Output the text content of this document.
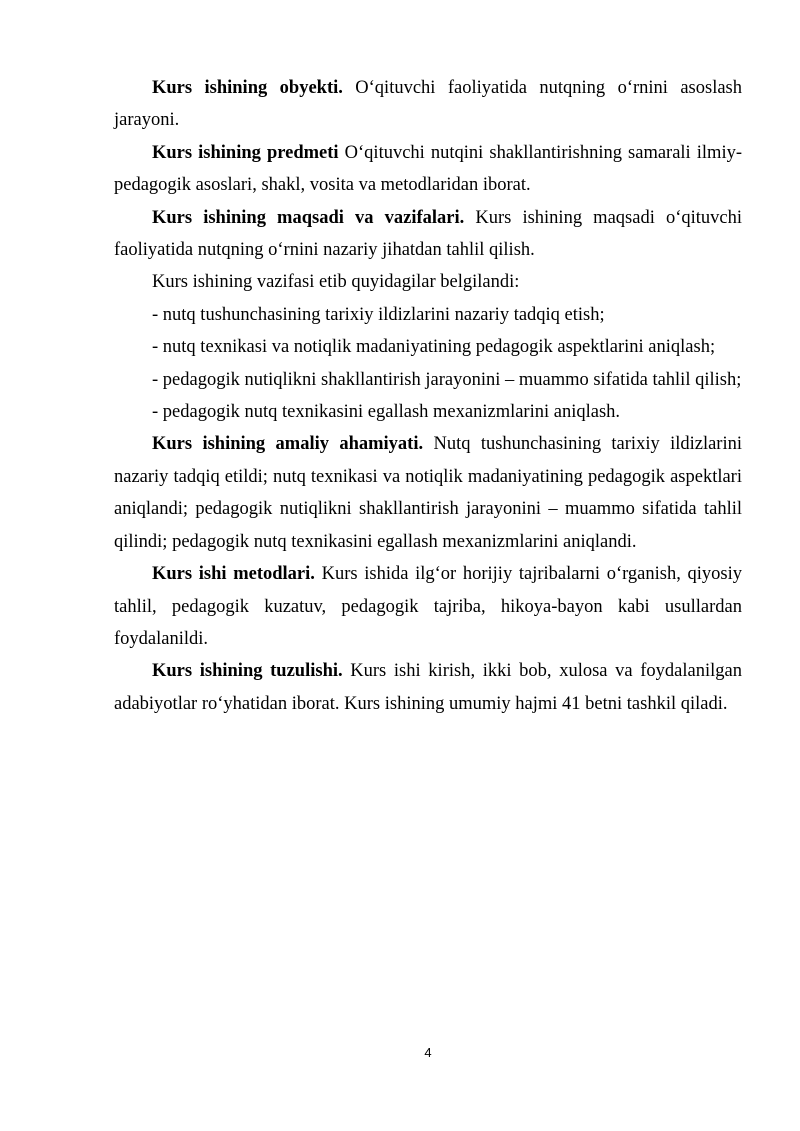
Kurs ishining obyekti. O‘qituvchi faoliyatida nutqning o‘rnini asoslash jarayoni.

Kurs ishining predmeti O‘qituvchi nutqini shakllantirishning samarali ilmiy-pedagogik asoslari, shakl, vosita va metodlaridan iborat.

Kurs ishining maqsadi va vazifalari. Kurs ishining maqsadi o‘qituvchi faoliyatida nutqning o‘rnini nazariy jihatdan tahlil qilish.

Kurs ishining vazifasi etib quyidagilar belgilandi:

- nutq tushunchasining tarixiy ildizlarini nazariy tadqiq etish;

- nutq texnikasi va notiqlik madaniyatining pedagogik aspektlarini aniqlash;

- pedagogik nutiqlikni shakllantirish jarayonini – muammo sifatida tahlil qilish;

- pedagogik nutq texnikasini egallash mexanizmlarini aniqlash.

Kurs ishining amaliy ahamiyati. Nutq tushunchasining tarixiy ildizlarini nazariy tadqiq etildi; nutq texnikasi va notiqlik madaniyatining pedagogik aspektlari aniqlandi; pedagogik nutiqlikni shakllantirish jarayonini – muammo sifatida tahlil qilindi; pedagogik nutq texnikasini egallash mexanizmlarini aniqlandi.

Kurs ishi metodlari. Kurs ishida ilg‘or horijiy tajribalarni o‘rganish, qiyosiy tahlil, pedagogik kuzatuv, pedagogik tajriba, hikoya-bayon kabi usullardan foydalanildi.

Kurs ishining tuzulishi. Kurs ishi kirish, ikki bob, xulosa va foydalanilgan adabiyotlar ro‘yhatidan iborat. Kurs ishining umumiy hajmi 41 betni tashkil qiladi.

4
